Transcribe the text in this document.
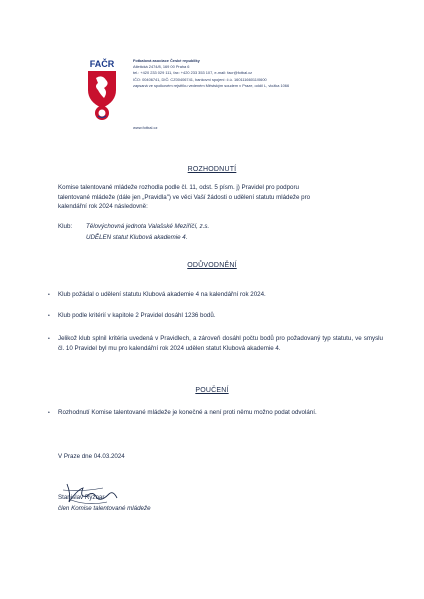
FAČR	Fotbalová asociace České republiky
Atletická 2474/8, 169 00 Praha 6
tel.: +420 233 029 111, fax: +420 233 353 107, e-mail: facr@fotbal.cz
IČO: 00406741, DIČ: CZ00406741, bankovní spojení: č.ú. 16011166011/0600
zapsaná ve spolkovém rejstříku vedeném Městským soudem v Praze, oddíl L, vložka 1066
www.fotbal.cz
ROZHODNUTÍ
Komise talentované mládeže rozhodla podle čl. 11, odst. 5 písm. j) Pravidel pro podporu
talentované mládeže (dále jen „Pravidla") ve věci Vaší žádosti o udělení statutu mládeže pro
kalendářní rok 2024 následovně:
Klub: Tělovýchovná jednota Valašské Meziříčí, z.s.
UDĚLEN statut Klubová akademie 4.
ODŮVODNĚNÍ
• Klub požádal o udělení statutu Klubová akademie 4 na kalendářní rok 2024.
• Klub podle kritérií v kapitole 2 Pravidel dosáhl 1236 bodů.
• Jelikož klub splnil kritéria uvedená v Pravidlech, a zároveň dosáhl počtu bodů pro požadovaný typ statutu, ve smyslu čl. 10 Pravidel byl mu pro kalendářní rok 2024 udělen statut Klubová akademie 4.
POUČENÍ
• Rozhodnutí Komise talentované mládeže je konečné a není proti němu možno podat odvolání.
V Praze dne 04.03.2024
Stanislav Rýznar
člen Komise talentované mládeže
